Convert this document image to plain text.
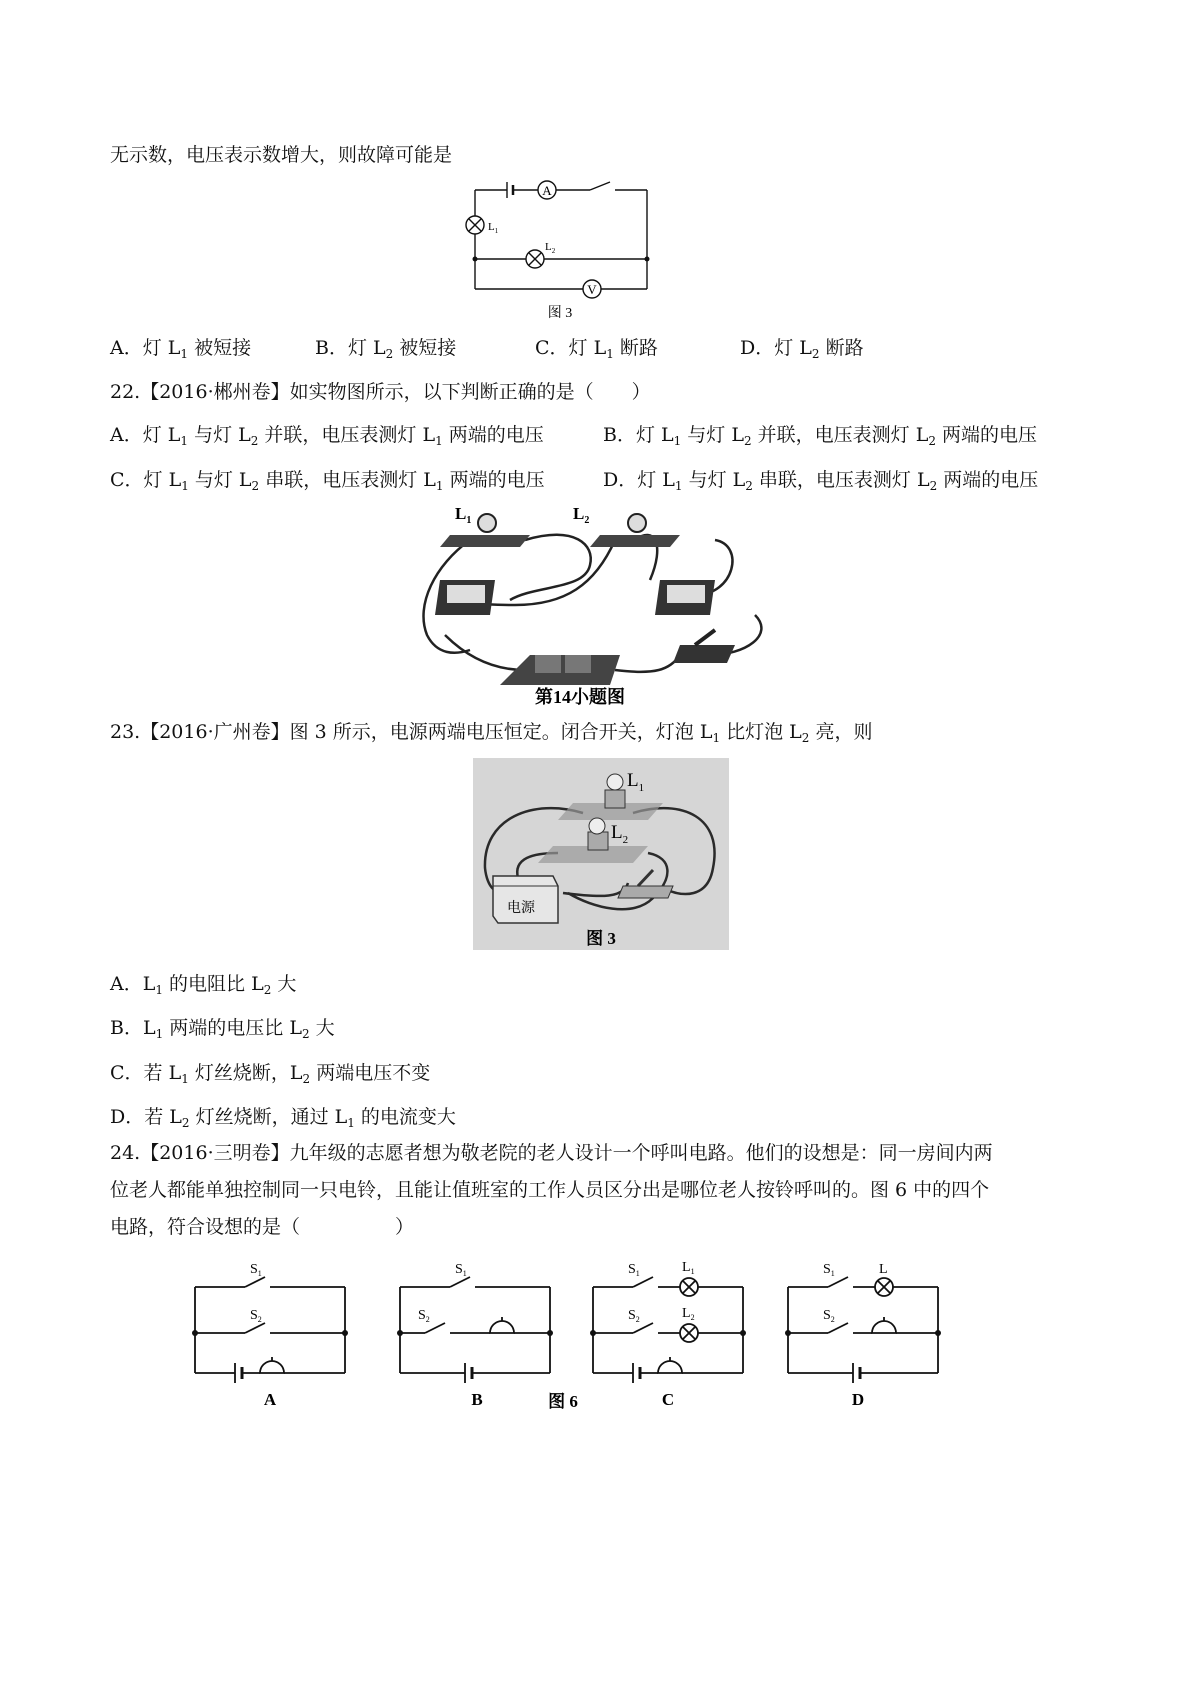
无示数，电压表示数增大，则故障可能是
A
V
$L_1$
$L_2$
图 3
A．灯 $L_1$ 被短接	B．灯 $L_2$ 被短接	C．灯 $L_1$ 断路	D．灯 $L_2$ 断路
22.【2016·郴州卷】如实物图所示，以下判断正确的是（　　）
A．灯 $L_1$ 与灯 $L_2$ 并联，电压表测灯 $L_1$ 两端的电压	B．灯 $L_1$ 与灯 $L_2$ 并联，电压表测灯 $L_2$ 两端的电压
C．灯 $L_1$ 与灯 $L_2$ 串联，电压表测灯 $L_1$ 两端的电压	D．灯 $L_1$ 与灯 $L_2$ 串联，电压表测灯 $L_2$ 两端的电压
$L_1$	$L_2$
第14小题图
23.【2016·广州卷】图 3 所示，电源两端电压恒定。闭合开关，灯泡 $L_1$ 比灯泡 $L_2$ 亮，则
$L_1$
$L_2$
电源
图 3
A．$L_1$ 的电阻比 $L_2$ 大
B．$L_1$ 两端的电压比 $L_2$ 大
C．若 $L_1$ 灯丝烧断，$L_2$ 两端电压不变
D．若 $L_2$ 灯丝烧断，通过 $L_1$ 的电流变大
24.【2016·三明卷】九年级的志愿者想为敬老院的老人设计一个呼叫电路。他们的设想是：同一房间内两
位老人都能单独控制同一只电铃，且能让值班室的工作人员区分出是哪位老人按铃呼叫的。图 6 中的四个
电路，符合设想的是（　　　　　）
$S_1$
$S_2$
$S_1$
$S_2$
$S_1$
$S_2$
$L_1$
$L_2$
$S_1$
$S_2$
L
A	B	C	D
图 6
